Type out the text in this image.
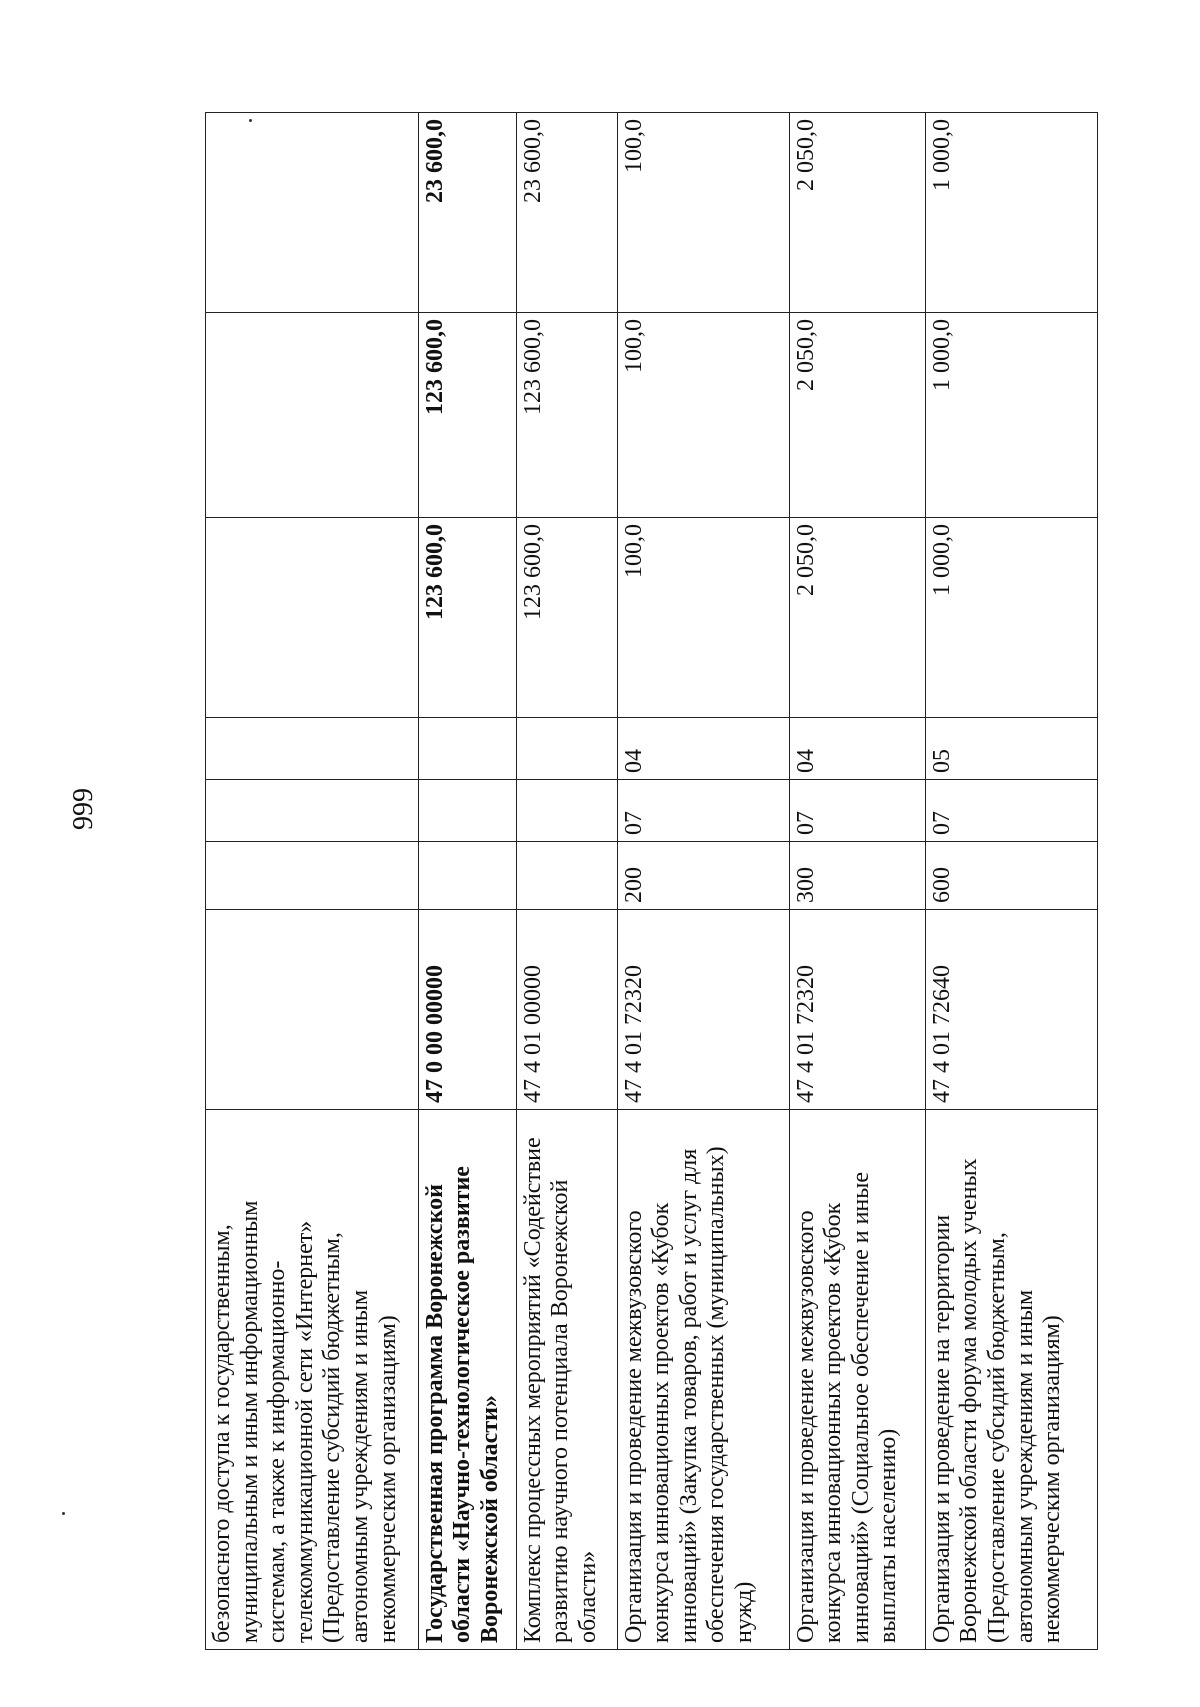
999
безопасного доступа к государственным, муниципальным и иным информационным системам, а также к информационно-телекоммуникационной сети «Интернет» (Предоставление субсидий бюджетным, автономным учреждениям и иным некоммерческим организациям)							
Государственная программа Воронежской области «Научно-технологическое развитие Воронежской области»	47 0 00 00000				123 600,0	123 600,0	23 600,0
Комплекс процессных мероприятий «Содействие развитию научного потенциала Воронежской области»	47 4 01 00000				123 600,0	123 600,0	23 600,0
Организация и проведение межвузовского конкурса инновационных проектов «Кубок инноваций» (Закупка товаров, работ и услуг для обеспечения государственных (муниципальных) нужд)	47 4 01 72320	200	07	04	100,0	100,0	100,0
Организация и проведение межвузовского конкурса инновационных проектов «Кубок инноваций» (Социальное обеспечение и иные выплаты населению)	47 4 01 72320	300	07	04	2 050,0	2 050,0	2 050,0
Организация и проведение на территории Воронежской области форума молодых ученых (Предоставление субсидий бюджетным, автономным учреждениям и иным некоммерческим организациям)	47 4 01 72640	600	07	05	1 000,0	1 000,0	1 000,0
